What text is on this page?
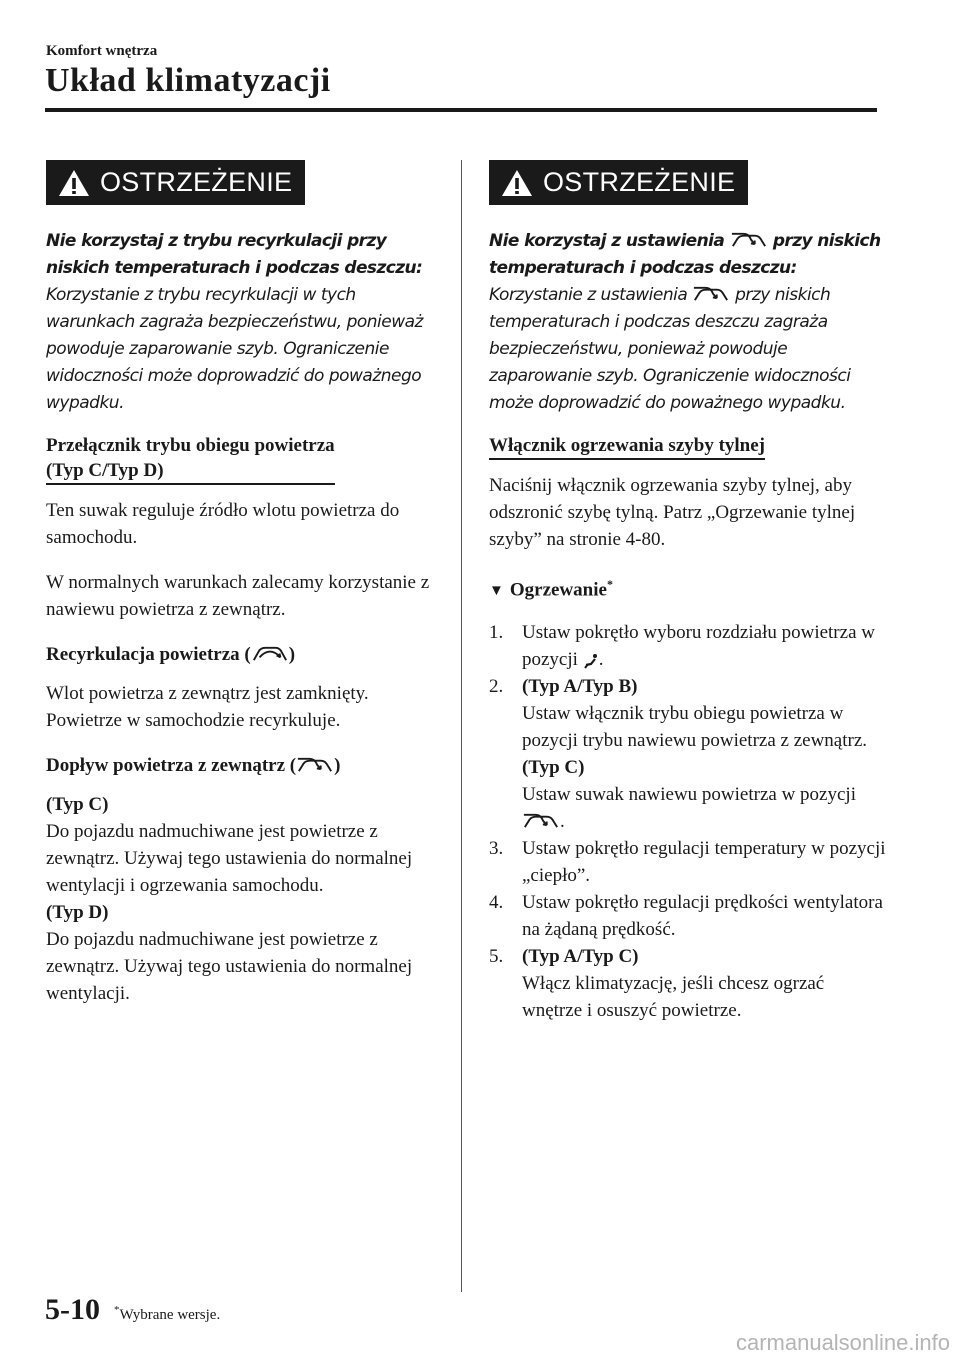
Komfort wnętrza
Układ klimatyzacji
OSTRZEŻENIE
Nie korzystaj z trybu recyrkulacji przy niskich temperaturach i podczas deszczu:
Korzystanie z trybu recyrkulacji w tych warunkach zagraża bezpieczeństwu, ponieważ powoduje zaparowanie szyb. Ograniczenie widoczności może doprowadzić do poważnego wypadku.
Przełącznik trybu obiegu powietrza
(Typ C/Typ D)
Ten suwak reguluje źródło wlotu powietrza do samochodu.
W normalnych warunkach zalecamy korzystanie z nawiewu powietrza z zewnątrz.
Recyrkulacja powietrza ( )
Wlot powietrza z zewnątrz jest zamknięty. Powietrze w samochodzie recyrkuluje.
Dopływ powietrza z zewnątrz ( )
(Typ C)
Do pojazdu nadmuchiwane jest powietrze z zewnątrz. Używaj tego ustawienia do normalnej wentylacji i ogrzewania samochodu.
(Typ D)
Do pojazdu nadmuchiwane jest powietrze z zewnątrz. Używaj tego ustawienia do normalnej wentylacji.
OSTRZEŻENIE
Nie korzystaj z ustawienia	przy niskich temperaturach i podczas deszczu:
Korzystanie z ustawienia	przy niskich temperaturach i podczas deszczu zagraża bezpieczeństwu, ponieważ powoduje zaparowanie szyb. Ograniczenie widoczności może doprowadzić do poważnego wypadku.
Włącznik ogrzewania szyby tylnej
Naciśnij włącznik ogrzewania szyby tylnej, aby odszronić szybę tylną. Patrz „Ogrzewanie tylnej szyby” na stronie 4-80.
▼ Ogrzewanie*
1. Ustaw pokrętło wyboru rozdziału powietrza w pozycji .
2. (Typ A/Typ B)
Ustaw włącznik trybu obiegu powietrza w pozycji trybu nawiewu powietrza z zewnątrz.
(Typ C)
Ustaw suwak nawiewu powietrza w pozycji .
3. Ustaw pokrętło regulacji temperatury w pozycji „ciepło”.
4. Ustaw pokrętło regulacji prędkości wentylatora na żądaną prędkość.
5. (Typ A/Typ C)
Włącz klimatyzację, jeśli chcesz ogrzać wnętrze i osuszyć powietrze.
5-10 *Wybrane wersje.
carmanualsonline.info
